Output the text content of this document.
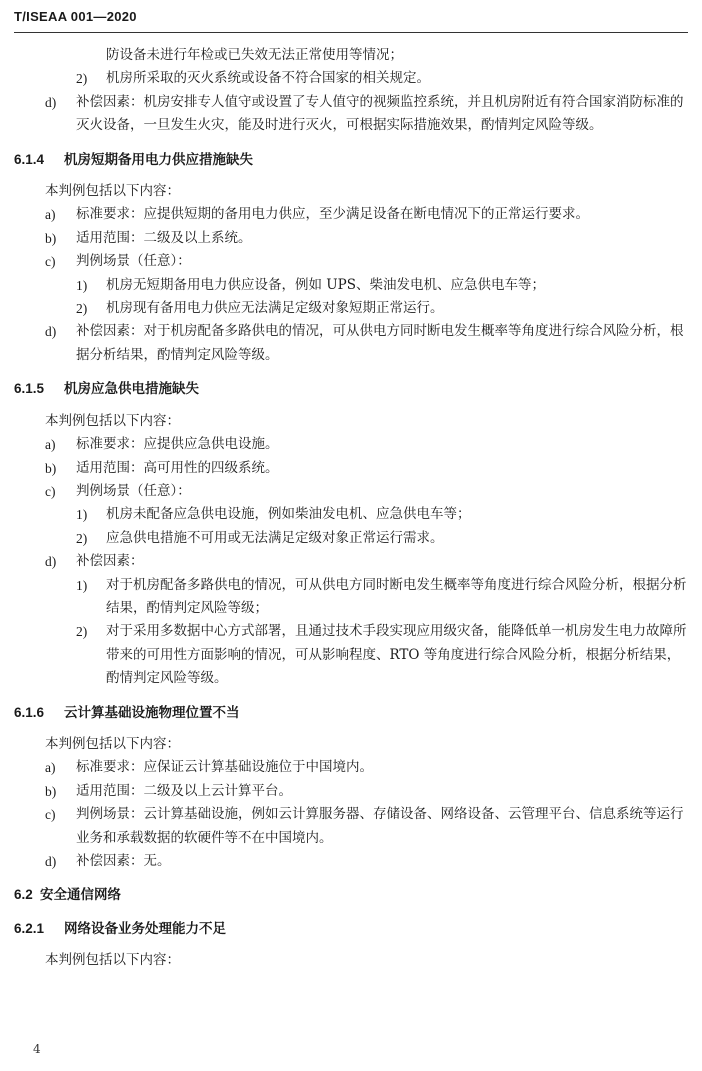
T/ISEAA 001—2020
防设备未进行年检或已失效无法正常使用等情况；
2) 机房所采取的灭火系统或设备不符合国家的相关规定。
d) 补偿因素：机房安排专人值守或设置了专人值守的视频监控系统，并且机房附近有符合国家消防标准的灭火设备，一旦发生火灾，能及时进行灭火，可根据实际措施效果，酌情判定风险等级。
6.1.4 机房短期备用电力供应措施缺失
本判例包括以下内容：
a) 标准要求：应提供短期的备用电力供应，至少满足设备在断电情况下的正常运行要求。
b) 适用范围：二级及以上系统。
c) 判例场景（任意）：
1) 机房无短期备用电力供应设备，例如 UPS、柴油发电机、应急供电车等；
2) 机房现有备用电力供应无法满足定级对象短期正常运行。
d) 补偿因素：对于机房配备多路供电的情况，可从供电方同时断电发生概率等角度进行综合风险分析，根据分析结果，酌情判定风险等级。
6.1.5 机房应急供电措施缺失
本判例包括以下内容：
a) 标准要求：应提供应急供电设施。
b) 适用范围：高可用性的四级系统。
c) 判例场景（任意）：
1) 机房未配备应急供电设施，例如柴油发电机、应急供电车等；
2) 应急供电措施不可用或无法满足定级对象正常运行需求。
d) 补偿因素：
1) 对于机房配备多路供电的情况，可从供电方同时断电发生概率等角度进行综合风险分析，根据分析结果，酌情判定风险等级；
2) 对于采用多数据中心方式部署，且通过技术手段实现应用级灾备，能降低单一机房发生电力故障所带来的可用性方面影响的情况，可从影响程度、RTO 等角度进行综合风险分析，根据分析结果，酌情判定风险等级。
6.1.6 云计算基础设施物理位置不当
本判例包括以下内容：
a) 标准要求：应保证云计算基础设施位于中国境内。
b) 适用范围：二级及以上云计算平台。
c) 判例场景：云计算基础设施，例如云计算服务器、存储设备、网络设备、云管理平台、信息系统等运行业务和承载数据的软硬件等不在中国境内。
d) 补偿因素：无。
6.2 安全通信网络
6.2.1 网络设备业务处理能力不足
本判例包括以下内容：
4
